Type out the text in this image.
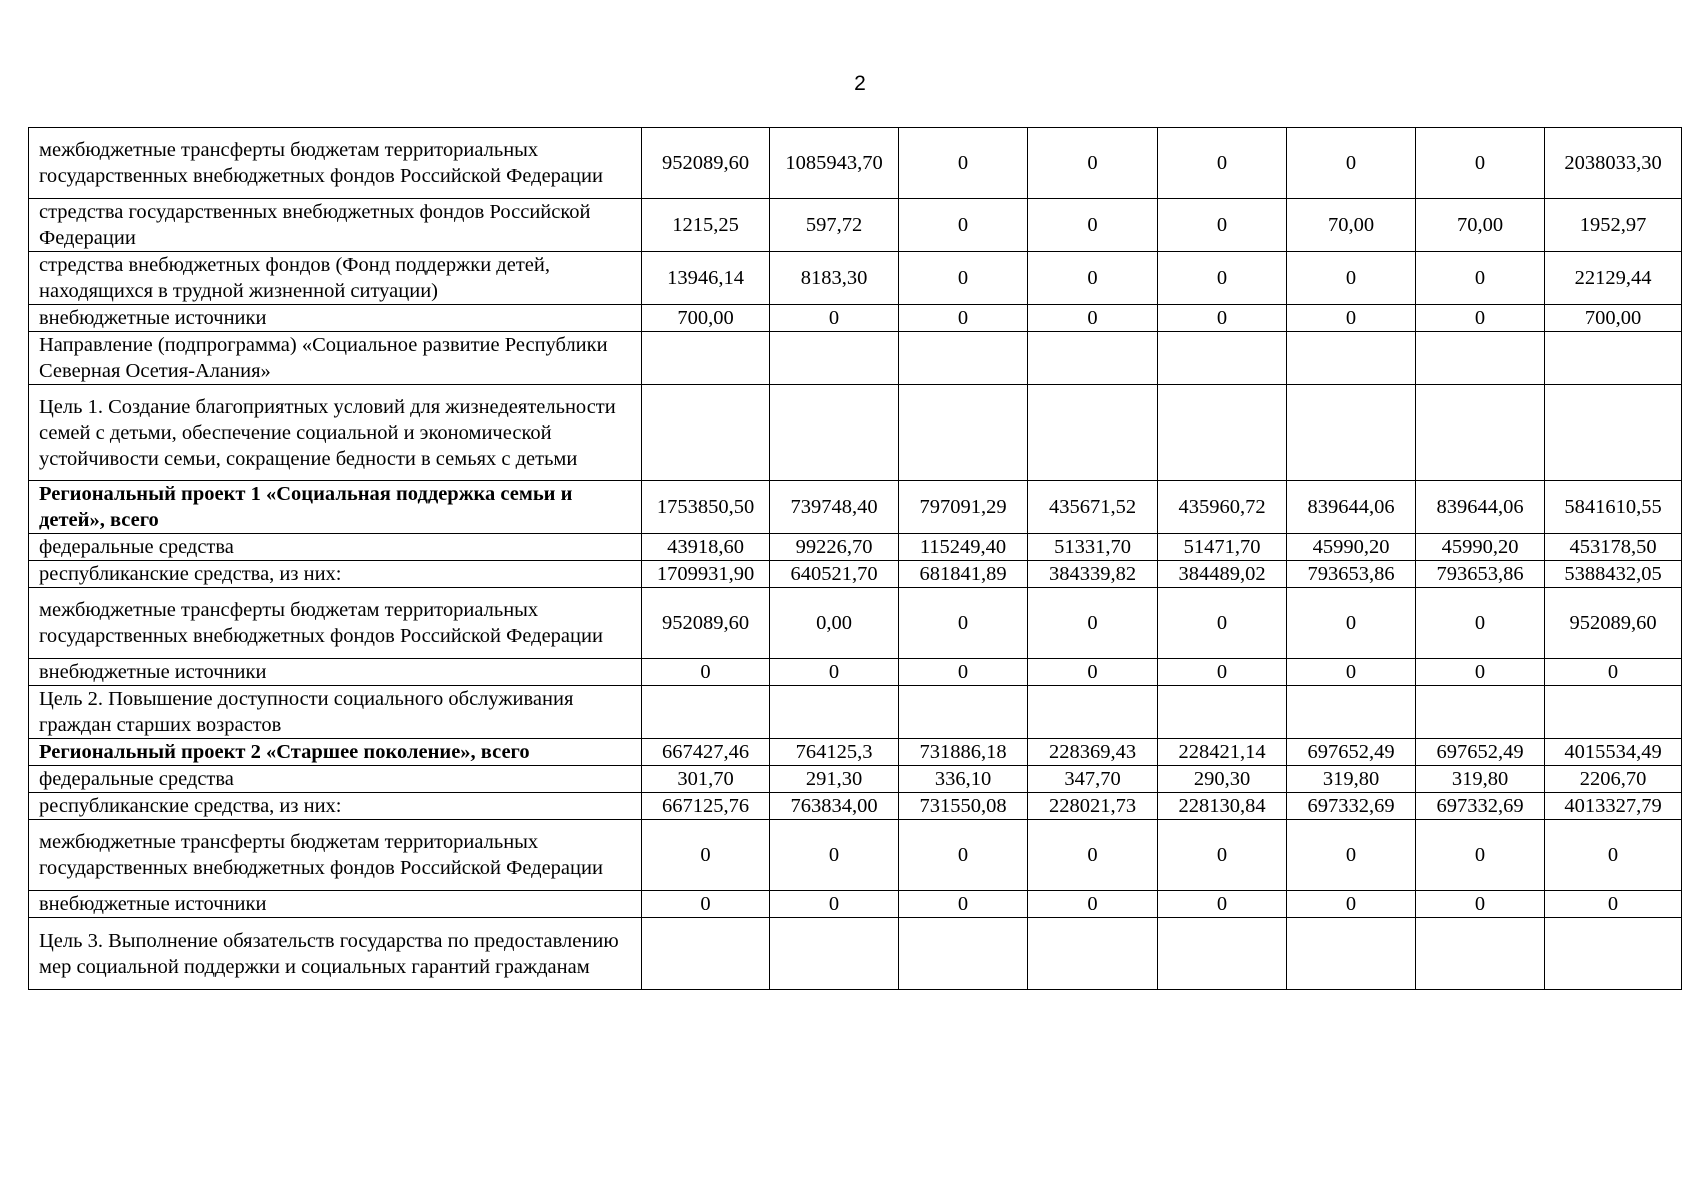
2
межбюджетные трансферты бюджетам территориальных государственных внебюджетных фондов Российской Федерации	952089,60	1085943,70	0	0	0	0	0	2038033,30
стредства государственных внебюджетных фондов Российской Федерации	1215,25	597,72	0	0	0	70,00	70,00	1952,97
стредства внебюджетных фондов (Фонд поддержки детей, находящихся в трудной жизненной ситуации)	13946,14	8183,30	0	0	0	0	0	22129,44
внебюджетные источники	700,00	0	0	0	0	0	0	700,00
Направление (подпрограмма) «Социальное развитие Республики Северная Осетия-Алания»								
Цель 1. Создание благоприятных условий для жизнедеятельности семей с детьми, обеспечение социальной и экономической устойчивости семьи, сокращение бедности в семьях с детьми								
Региональный проект 1 «Социальная поддержка семьи и детей», всего	1753850,50	739748,40	797091,29	435671,52	435960,72	839644,06	839644,06	5841610,55
федеральные средства	43918,60	99226,70	115249,40	51331,70	51471,70	45990,20	45990,20	453178,50
республиканские средства, из них:	1709931,90	640521,70	681841,89	384339,82	384489,02	793653,86	793653,86	5388432,05
межбюджетные трансферты бюджетам территориальных государственных внебюджетных фондов Российской Федерации	952089,60	0,00	0	0	0	0	0	952089,60
внебюджетные источники	0	0	0	0	0	0	0	0
Цель 2. Повышение доступности социального обслуживания граждан старших возрастов								
Региональный проект 2 «Старшее поколение», всего	667427,46	764125,3	731886,18	228369,43	228421,14	697652,49	697652,49	4015534,49
федеральные средства	301,70	291,30	336,10	347,70	290,30	319,80	319,80	2206,70
республиканские средства, из них:	667125,76	763834,00	731550,08	228021,73	228130,84	697332,69	697332,69	4013327,79
межбюджетные трансферты бюджетам территориальных государственных внебюджетных фондов Российской Федерации	0	0	0	0	0	0	0	0
внебюджетные источники	0	0	0	0	0	0	0	0
Цель 3. Выполнение обязательств государства по предоставлению мер социальной поддержки и социальных гарантий гражданам								
